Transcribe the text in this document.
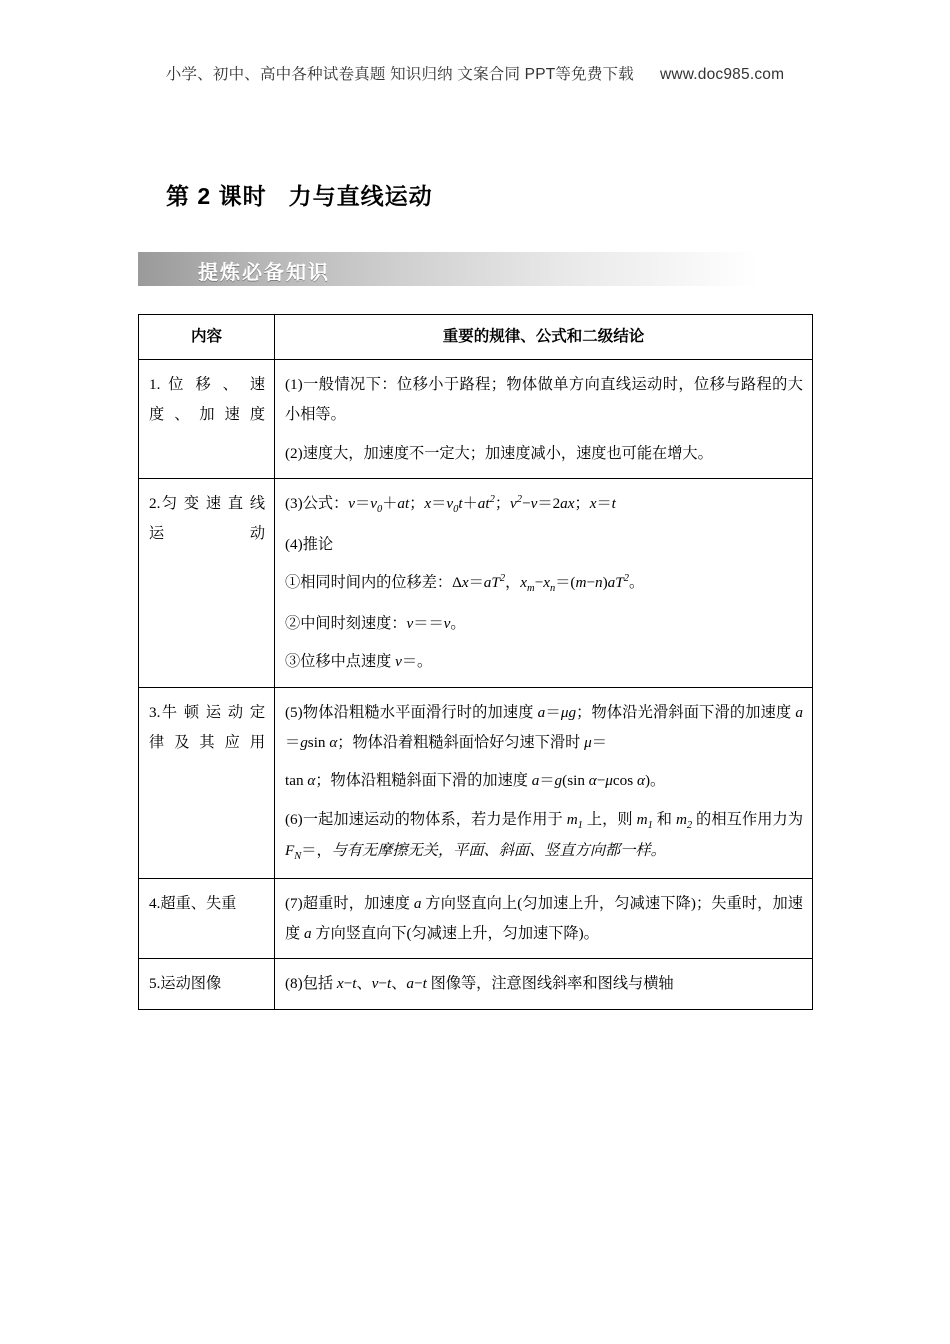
小学、初中、高中各种试卷真题 知识归纳 文案合同 PPT等免费下载 www.doc985.com
第 2 课时 力与直线运动
提炼必备知识
内容	重要的规律、公式和二级结论
1. 位 移 、 速 度、加速度	(1)一般情况下：位移小于路程；物体做单方向直线运动时，位移与路程的大小相等。

(2)速度大，加速度不一定大；加速度减小，速度也可能在增大。

2.匀 变 速 直 线运动	(3)公式：$v=v_0+at$；$x=v_0t+at^2$；$v^2-v=2ax$；x＝t

(4)推论

①相同时间内的位移差：$\Delta x=aT^2$，$x_m-x_n=(m-n)aT^2$。

②中间时刻速度：v＝＝v。

③位移中点速度 v＝。

3.牛 顿 运 动 定律及其应用	(5)物体沿粗糙水平面滑行时的加速度 a＝μg；物体沿光滑斜面下滑的加速度 a＝gsin α；物体沿着粗糙斜面恰好匀速下滑时 μ＝

tan α；物体沿粗糙斜面下滑的加速度 a＝g(sin α−μcos α)。

(6)一起加速运动的物体系，若力是作用于 $m_1$ 上，则 $m_1$ 和 $m_2$ 的相互作用力为 $F_N=$，与有无摩擦无关，平面、斜面、竖直方向都一样。

4.超重、失重	(7)超重时，加速度 a 方向竖直向上(匀加速上升，匀减速下降)；失重时，加速度 a 方向竖直向下(匀减速上升，匀加速下降)。

5.运动图像	(8)包括 x−t、v−t、a−t 图像等，注意图线斜率和图线与横轴
